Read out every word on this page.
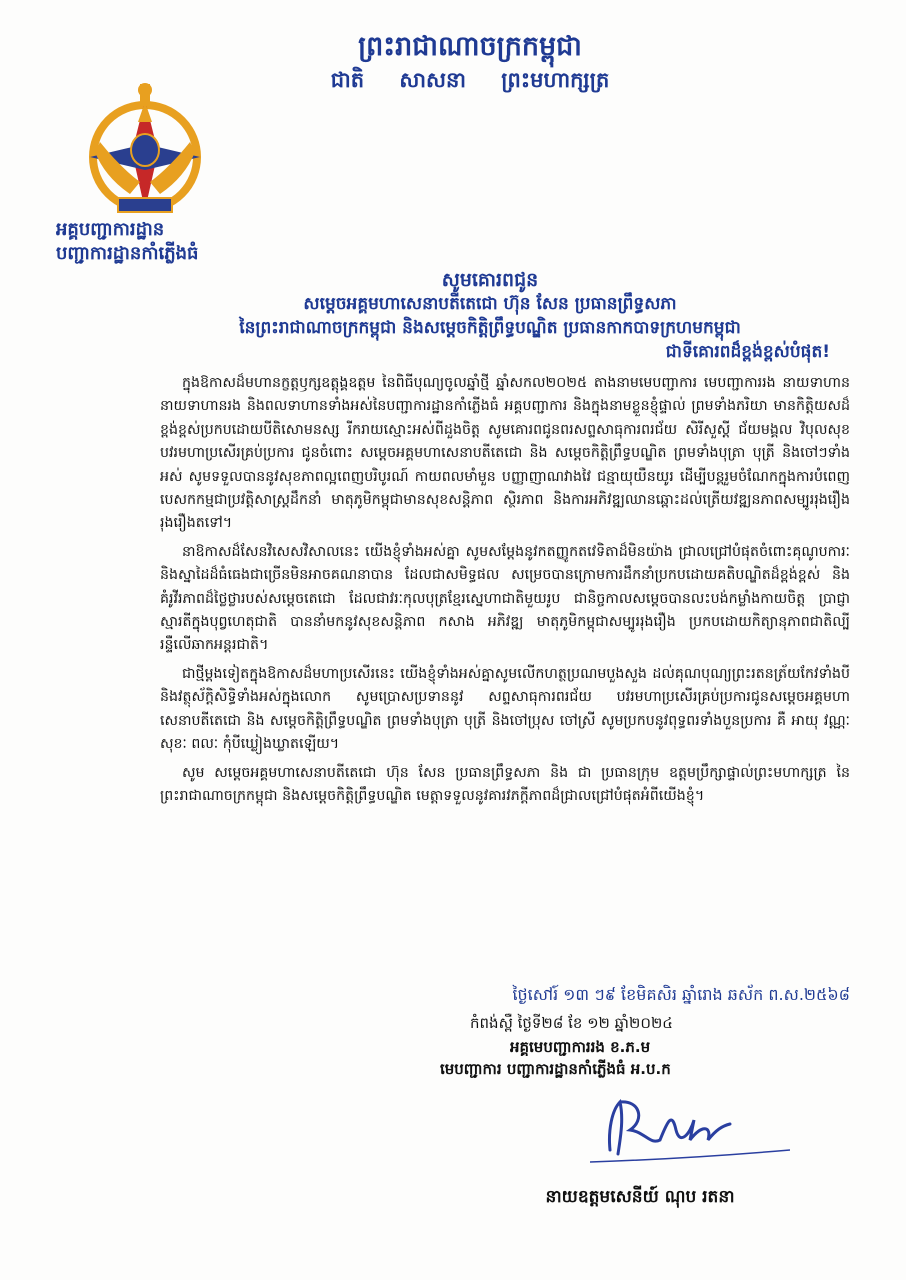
ព្រះរាជាណាចក្រកម្ពុជា
ជាតិ សាសនា ព្រះមហាក្សត្រ
អគ្គបញ្ជាការដ្ឋាន
បញ្ជាការដ្ឋានកាំភ្លើងធំ
សូមគោរពជូន
សម្តេចអគ្គមហាសេនាបតីតេជោ ហ៊ុន សែន ប្រធានព្រឹទ្ធសភា
នៃព្រះរាជាណាចក្រកម្ពុជា និងសម្តេចកិត្តិព្រឹទ្ធបណ្ឌិត ប្រធានកាកបាទក្រហមកម្ពុជា
ជាទីគោរពដ៏ខ្ពង់ខ្ពស់បំផុត!

ក្នុងឱកាសដ៏មហានក្ខត្តឫក្សឧត្តុង្គឧត្តម នៃពិធីបុណ្យចូលឆ្នាំថ្មី ឆ្នាំសកល២០២៥ តាងនាមមេបញ្ជាការ មេបញ្ជាការរង នាយទាហាន នាយទាហានរង និងពលទាហានទាំងអស់នៃបញ្ជាការដ្ឋានកាំភ្លើងធំ អគ្គបញ្ជាការ និងក្នុងនាមខ្លួនខ្ញុំផ្ទាល់ ព្រមទាំងភរិយា មានកិត្តិយសដ៏ខ្ពង់ខ្ពស់ប្រកបដោយបីតិសោមនស្ស រីករាយស្មោះអស់ពីដួងចិត្ត សូមគោរពជូនពរសព្ទសាធុការពរជ័យ សិរីសួស្តី ជ័យមង្គល វិបុលសុខ បវរមហាប្រសើរគ្រប់ប្រការ ជូនចំពោះ សម្តេចអគ្គមហាសេនាបតីតេជោ និង សម្តេចកិត្តិព្រឹទ្ធបណ្ឌិត ព្រមទាំងបុត្រា បុត្រី និងចៅៗទាំងអស់ សូមទទួលបាននូវសុខភាពល្អពេញបរិបូរណ៍ កាយពលមាំមួន បញ្ញាញាណវាងវៃ ជន្មាយុយឺនយូរ ដើម្បីបន្តរួមចំណែកក្នុងការបំពេញបេសកកម្មជាប្រវត្តិសាស្ត្រដឹកនាំ មាតុភូមិកម្ពុជាមានសុខសន្តិភាព ស្ថិរភាព និងការអភិវឌ្ឍឈានឆ្ពោះដល់ត្រើយវឌ្ឍនភាពសម្បូររុងរឿង រុងរឿងតទៅ។

នាឱកាសដ៏សែនវិសេសវិសាលនេះ យើងខ្ញុំទាំងអស់គ្នា សូមសម្តែងនូវកតញ្ញូកតវេទិតាដ៏មិនយ៉ាង ជ្រាលជ្រៅបំផុតចំពោះគុណូបការៈ និងស្នាដៃដ៏ធំធេងជាច្រើនមិនអាចគណនាបាន ដែលជាសមិទ្ធផល សម្រេចបានក្រោមការដឹកនាំប្រកបដោយគតិបណ្ឌិតដ៏ខ្ពង់ខ្ពស់ និងគំរូវីរភាពដ៏ថ្លៃថ្លារបស់សម្តេចតេជោ ដែលជាវរៈកុលបុត្រខ្មែរស្នេហាជាតិមួយរូប ជានិច្ចកាលសម្តេចបានលះបង់កម្លាំងកាយចិត្ត ប្រាជ្ញា ស្មារតីក្នុងបុព្វហេតុជាតិ បាននាំមកនូវសុខសន្តិភាព កសាង អភិវឌ្ឍ មាតុភូមិកម្ពុជាសម្បូររុងរឿង ប្រកបដោយកិត្យានុភាពជាតិល្បីរន្ទឺលើឆាកអន្តរជាតិ។

ជាថ្មីម្តងទៀតក្នុងឱកាសដ៏មហាប្រសើរនេះ យើងខ្ញុំទាំងអស់គ្នាសូមលើកហត្ថប្រណមបួងសួង ដល់គុណបុណ្យព្រះរតនត្រ័យកែវទាំងបី និងវត្ថុស័ក្តិសិទ្ធិទាំងអស់ក្នុងលោក សូមប្រោសប្រទាននូវ សព្ទសាធុការពរជ័យ បវរមហាប្រសើរគ្រប់ប្រការជូនសម្តេចអគ្គមហាសេនាបតីតេជោ និង សម្តេចកិត្តិព្រឹទ្ធបណ្ឌិត ព្រមទាំងបុត្រា បុត្រី និងចៅប្រុស ចៅស្រី សូមប្រកបនូវពុទ្ធពរទាំងបួនប្រការ គឺ អាយុ វណ្ណៈ សុខៈ ពលៈ កុំបីឃ្លៀងឃ្លាតឡើយ។

សូម សម្តេចអគ្គមហាសេនាបតីតេជោ ហ៊ុន សែន ប្រធានព្រឹទ្ធសភា និង ជា ប្រធានក្រុម ឧត្តមប្រឹក្សាផ្ទាល់ព្រះមហាក្សត្រ នៃព្រះរាជាណាចក្រកម្ពុជា និងសម្តេចកិត្តិព្រឹទ្ធបណ្ឌិត មេត្តាទទួលនូវគារវភក្តីភាពដ៏ជ្រាលជ្រៅបំផុតអំពីយើងខ្ញុំ។

ថ្ងៃសៅរ៍ ១៣ ៗ៩ ខែមិគសិរ ឆ្នាំរោង ឆស័ក ព.ស.២៥៦៨
កំពង់ស្ពឺ ថ្ងៃទី២៨ ខែ ១២ ឆ្នាំ២០២៤
អគ្គមេបញ្ជាការរង ខ.ភ.ម
មេបញ្ជាការ បញ្ជាការដ្ឋានកាំភ្លើងធំ អ.ប.ក
នាយឧត្តមសេនីយ៍ ណុប រតនា
